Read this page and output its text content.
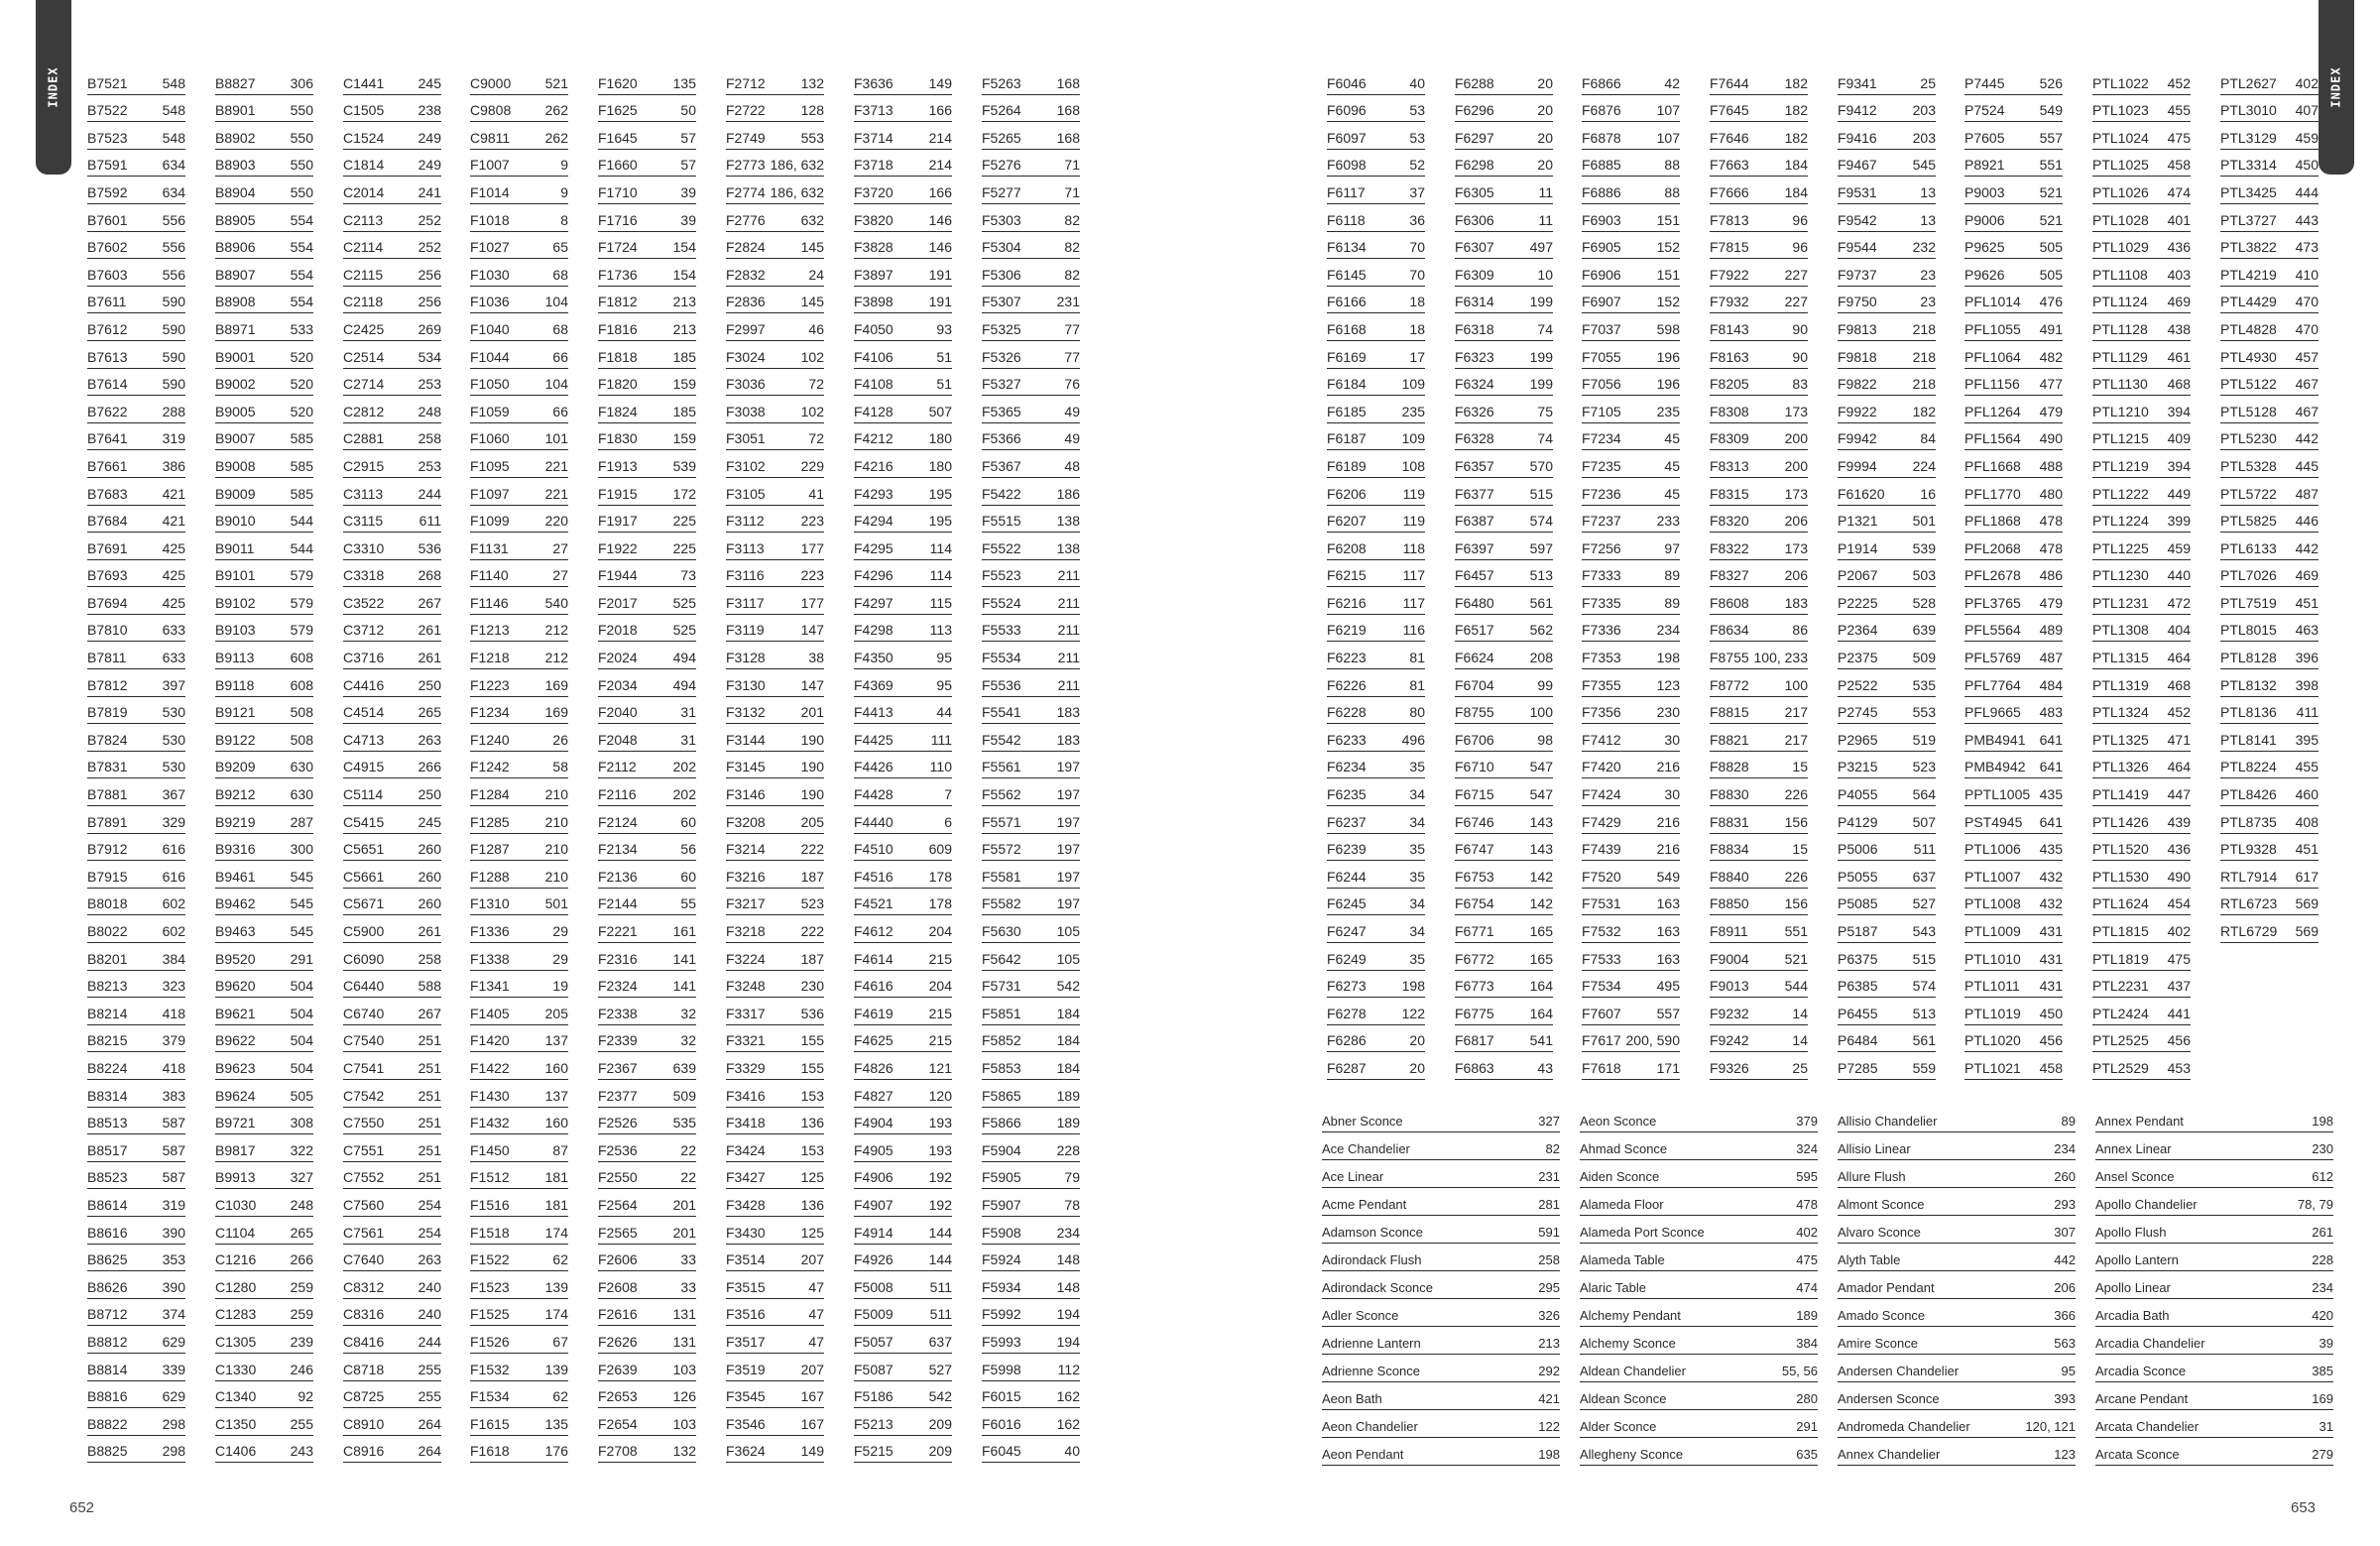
INDEX	INDEX
B7521	548
B7522	548
B7523	548
B7591	634
B7592	634
B7601	556
B7602	556
B7603	556
B7611	590
B7612	590
B7613	590
B7614	590
B7622	288
B7641	319
B7661	386
B7683	421
B7684	421
B7691	425
B7693	425
B7694	425
B7810	633
B7811	633
B7812	397
B7819	530
B7824	530
B7831	530
B7881	367
B7891	329
B7912	616
B7915	616
B8018	602
B8022	602
B8201	384
B8213	323
B8214	418
B8215	379
B8224	418
B8314	383
B8513	587
B8517	587
B8523	587
B8614	319
B8616	390
B8625	353
B8626	390
B8712	374
B8812	629
B8814	339
B8816	629
B8822	298
B8825	298
B8827	306
B8901	550
B8902	550
B8903	550
B8904	550
B8905	554
B8906	554
B8907	554
B8908	554
B8971	533
B9001	520
B9002	520
B9005	520
B9007	585
B9008	585
B9009	585
B9010	544
B9011	544
B9101	579
B9102	579
B9103	579
B9113	608
B9118	608
B9121	508
B9122	508
B9209	630
B9212	630
B9219	287
B9316	300
B9461	545
B9462	545
B9463	545
B9520	291
B9620	504
B9621	504
B9622	504
B9623	504
B9624	505
B9721	308
B9817	322
B9913	327
C1030 248
C1104	265
C1216 266
C1280 259
C1283 259
C1305 239
C1330 246
C1340	92
C1350 255
C1406 243
C1441 245
C1505 238
C1524 249
C1814 249
C2014 241
C2113	252
C2114	252
C2115	256
C2118	256
C2425 269
C2514 534
C2714 253
C2812 248
C2881 258
C2915 253
C3113	244
C3115	611
C3310 536
C3318 268
C3522 267
C3712 261
C3716 261
C4416 250
C4514 265
C4713 263
C4915 266
C5114	250
C5415 245
C5651 260
C5661 260
C5671 260
C5900 261
C6090 258
C6440 588
C6740 267
C7540 251
C7541 251
C7542 251
C7550 251
C7551 251
C7552 251
C7560 254
C7561 254
C7640 263
C8312 240
C8316 240
C8416 244
C8718 255
C8725 255
C8910 264
C8916 264
C9000 521
C9808 262
C9811	262
F1007	9
F1014	9
F1018	8
F1027	65
F1030	68
F1036	104
F1040	68
F1044	66
F1050	104
F1059	66
F1060	101
F1095	221
F1097	221
F1099	220
F1131	27
F1140	27
F1146	540
F1213	212
F1218	212
F1223	169
F1234	169
F1240	26
F1242	58
F1284	210
F1285	210
F1287	210
F1288	210
F1310	501
F1336	29
F1338	29
F1341	19
F1405	205
F1420	137
F1422	160
F1430	137
F1432	160
F1450	87
F1512	181
F1516	181
F1518	174
F1522	62
F1523	139
F1525	174
F1526	67
F1532	139
F1534	62
F1615	135
F1618	176
F1620	135
F1625	50
F1645	57
F1660	57
F1710	39
F1716	39
F1724	154
F1736	154
F1812	213
F1816	213
F1818	185
F1820	159
F1824	185
F1830	159
F1913	539
F1915	172
F1917	225
F1922	225
F1944	73
F2017	525
F2018	525
F2024	494
F2034	494
F2040	31
F2048	31
F2112	202
F2116	202
F2124	60
F2134	56
F2136	60
F2144	55
F2221	161
F2316	141
F2324	141
F2338	32
F2339	32
F2367	639
F2377	509
F2526	535
F2536	22
F2550	22
F2564	201
F2565	201
F2606	33
F2608	33
F2616	131
F2626	131
F2639	103
F2653	126
F2654	103
F2708	132
F2712	132
F2722	128
F2749	553
F2773 186, 632
F2774 186, 632
F2776	632
F2824	145
F2832	24
F2836	145
F2997	46
F3024	102
F3036	72
F3038	102
F3051	72
F3102	229
F3105	41
F3112	223
F3113	177
F3116	223
F3117	177
F3119	147
F3128	38
F3130	147
F3132	201
F3144	190
F3145	190
F3146	190
F3208	205
F3214	222
F3216	187
F3217	523
F3218	222
F3224	187
F3248	230
F3317	536
F3321	155
F3329	155
F3416	153
F3418	136
F3424	153
F3427	125
F3428	136
F3430	125
F3514	207
F3515	47
F3516	47
F3517	47
F3519	207
F3545	167
F3546	167
F3624	149
F3636	149
F3713	166
F3714	214
F3718	214
F3720	166
F3820	146
F3828	146
F3897	191
F3898	191
F4050	93
F4106	51
F4108	51
F4128	507
F4212	180
F4216	180
F4293	195
F4294	195
F4295	114
F4296	114
F4297	115
F4298	113
F4350	95
F4369	95
F4413	44
F4425	111
F4426	110
F4428	7
F4440	6
F4510	609
F4516	178
F4521	178
F4612	204
F4614	215
F4616	204
F4619	215
F4625	215
F4826	121
F4827	120
F4904	193
F4905	193
F4906	192
F4907	192
F4914	144
F4926	144
F5008	511
F5009	511
F5057	637
F5087	527
F5186	542
F5213	209
F5215	209
F5263	168
F5264	168
F5265	168
F5276	71
F5277	71
F5303	82
F5304	82
F5306	82
F5307	231
F5325	77
F5326	77
F5327	76
F5365	49
F5366	49
F5367	48
F5422	186
F5515	138
F5522	138
F5523	211
F5524	211
F5533	211
F5534	211
F5536	211
F5541	183
F5542	183
F5561	197
F5562	197
F5571	197
F5572	197
F5581	197
F5582	197
F5630	105
F5642	105
F5731	542
F5851	184
F5852	184
F5853	184
F5865	189
F5866	189
F5904	228
F5905	79
F5907	78
F5908	234
F5924	148
F5934	148
F5992	194
F5993	194
F5998	112
F6015	162
F6016	162
F6045	40
F6046	40
F6096	53
F6097	53
F6098	52
F6117	37
F6118	36
F6134	70
F6145	70
F6166	18
F6168	18
F6169	17
F6184	109
F6185	235
F6187	109
F6189	108
F6206	119
F6207	119
F6208	118
F6215	117
F6216	117
F6219	116
F6223	81
F6226	81
F6228	80
F6233	496
F6234	35
F6235	34
F6237	34
F6239	35
F6244	35
F6245	34
F6247	34
F6249	35
F6273	198
F6278	122
F6286	20
F6287	20
F6288	20
F6296	20
F6297	20
F6298	20
F6305	11
F6306	11
F6307	497
F6309	10
F6314	199
F6318	74
F6323	199
F6324	199
F6326	75
F6328	74
F6357	570
F6377	515
F6387	574
F6397	597
F6457	513
F6480	561
F6517	562
F6624	208
F6704	99
F8755	100
F6706	98
F6710	547
F6715	547
F6746	143
F6747	143
F6753	142
F6754	142
F6771	165
F6772	165
F6773	164
F6775	164
F6817	541
F6863	43
F6866	42
F6876	107
F6878	107
F6885	88
F6886	88
F6903	151
F6905	152
F6906	151
F6907	152
F7037	598
F7055	196
F7056	196
F7105	235
F7234	45
F7235	45
F7236	45
F7237	233
F7256	97
F7333	89
F7335	89
F7336	234
F7353	198
F7355	123
F7356	230
F7412	30
F7420	216
F7424	30
F7429	216
F7439	216
F7520	549
F7531	163
F7532	163
F7533	163
F7534	495
F7607	557
F7617 200, 590
F7618	171
F7644	182
F7645	182
F7646	182
F7663	184
F7666	184
F7813	96
F7815	96
F7922	227
F7932	227
F8143	90
F8163	90
F8205	83
F8308	173
F8309	200
F8313	200
F8315	173
F8320	206
F8322	173
F8327	206
F8608	183
F8634	86
F8755 100, 233
F8772	100
F8815	217
F8821	217
F8828	15
F8830	226
F8831	156
F8834	15
F8840	226
F8850	156
F8911	551
F9004	521
F9013	544
F9232	14
F9242	14
F9326	25
F9341	25
F9412	203
F9416	203
F9467	545
F9531	13
F9542	13
F9544	232
F9737	23
F9750	23
F9813	218
F9818	218
F9822	218
F9922	182
F9942	84
F9994	224
F61620	16
P1321	501
P1914	539
P2067	503
P2225	528
P2364	639
P2375	509
P2522	535
P2745	553
P2965	519
P3215	523
P4055	564
P4129	507
P5006	511
P5055	637
P5085	527
P5187	543
P6375	515
P6385	574
P6455	513
P6484	561
P7285	559
P7445	526
P7524	549
P7605	557
P8921	551
P9003	521
P9006	521
P9625	505
P9626	505
PFL1014 476
PFL1055 491
PFL1064 482
PFL1156 477
PFL1264 479
PFL1564 490
PFL1668 488
PFL1770 480
PFL1868 478
PFL2068 478
PFL2678 486
PFL3765 479
PFL5564 489
PFL5769 487
PFL7764 484
PFL9665 483
PMB4941 641
PMB4942 641
PPTL1005 435
PST4945 641
PTL1006 435
PTL1007 432
PTL1008 432
PTL1009 431
PTL1010 431
PTL1011 431
PTL1019 450
PTL1020 456
PTL1021 458
PTL1022 452
PTL1023 455
PTL1024 475
PTL1025 458
PTL1026 474
PTL1028 401
PTL1029 436
PTL1108 403
PTL1124 469
PTL1128 438
PTL1129 461
PTL1130 468
PTL1210 394
PTL1215 409
PTL1219 394
PTL1222 449
PTL1224 399
PTL1225 459
PTL1230 440
PTL1231 472
PTL1308 404
PTL1315 464
PTL1319 468
PTL1324 452
PTL1325 471
PTL1326 464
PTL1419 447
PTL1426 439
PTL1520 436
PTL1530 490
PTL1624 454
PTL1815 402
PTL1819 475
PTL2231 437
PTL2424 441
PTL2525 456
PTL2529 453
PTL2627 402
PTL3010 407
PTL3129 459
PTL3314 450
PTL3425 444
PTL3727 443
PTL3822 473
PTL4219 410
PTL4429 470
PTL4828 470
PTL4930 457
PTL5122 467
PTL5128 467
PTL5230 442
PTL5328 445
PTL5722 487
PTL5825 446
PTL6133 442
PTL7026 469
PTL7519 451
PTL8015 463
PTL8128 396
PTL8132 398
PTL8136 411
PTL8141 395
PTL8224 455
PTL8426 460
PTL8735 408
PTL9328 451
RTL7914 617
RTL6723 569
RTL6729 569
Abner Sconce	327
Ace Chandelier	82
Ace Linear	231
Acme Pendant	281
Adamson Sconce	591
Adirondack Flush	258
Adirondack Sconce	295
Adler Sconce	326
Adrienne Lantern	213
Adrienne Sconce	292
Aeon Bath	421
Aeon Chandelier	122
Aeon Pendant	198
Aeon Sconce	379
Ahmad Sconce	324
Aiden Sconce	595
Alameda Floor	478
Alameda Port Sconce	402
Alameda Table	475
Alaric Table	474
Alchemy Pendant	189
Alchemy Sconce	384
Aldean Chandelier	55, 56
Aldean Sconce	280
Alder Sconce	291
Allegheny Sconce	635
Allisio Chandelier	89
Allisio Linear	234
Allure Flush	260
Almont Sconce	293
Alvaro Sconce	307
Alyth Table	442
Amador Pendant	206
Amado Sconce	366
Amire Sconce	563
Andersen Chandelier	95
Andersen Sconce	393
Andromeda Chandelier	120, 121
Annex Chandelier	123
Annex Pendant	198
Annex Linear	230
Ansel Sconce	612
Apollo Chandelier	78, 79
Apollo Flush	261
Apollo Lantern	228
Apollo Linear	234
Arcadia Bath	420
Arcadia Chandelier	39
Arcadia Sconce	385
Arcane Pendant	169
Arcata Chandelier	31
Arcata Sconce	279
652	653
